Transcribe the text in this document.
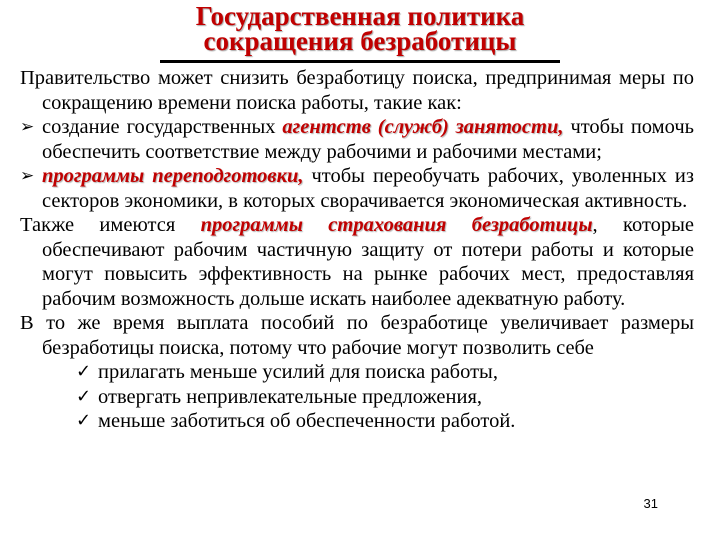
Государственная политика
сокращения безработицы

Правительство может снизить безработицу поиска, предпринимая меры по сокращению времени поиска работы, такие как:

➢ создание государственных агентств (служб) занятости, чтобы помочь обеспечить соответствие между рабочими и рабочими местами;

➢ программы переподготовки, чтобы переобучать рабочих, уволенных из секторов экономики, в которых сворачивается экономическая активность.

Также имеются программы страхования безработицы, которые обеспечивают рабочим частичную защиту от потери работы и которые могут повысить эффективность на рынке рабочих мест, предоставляя рабочим возможность дольше искать наиболее адекватную работу.

В то же время выплата пособий по безработице увеличивает размеры безработицы поиска, потому что рабочие могут позволить себе

✓ прилагать меньше усилий для поиска работы,

✓ отвергать непривлекательные предложения,

✓ меньше заботиться об обеспеченности работой.

31
